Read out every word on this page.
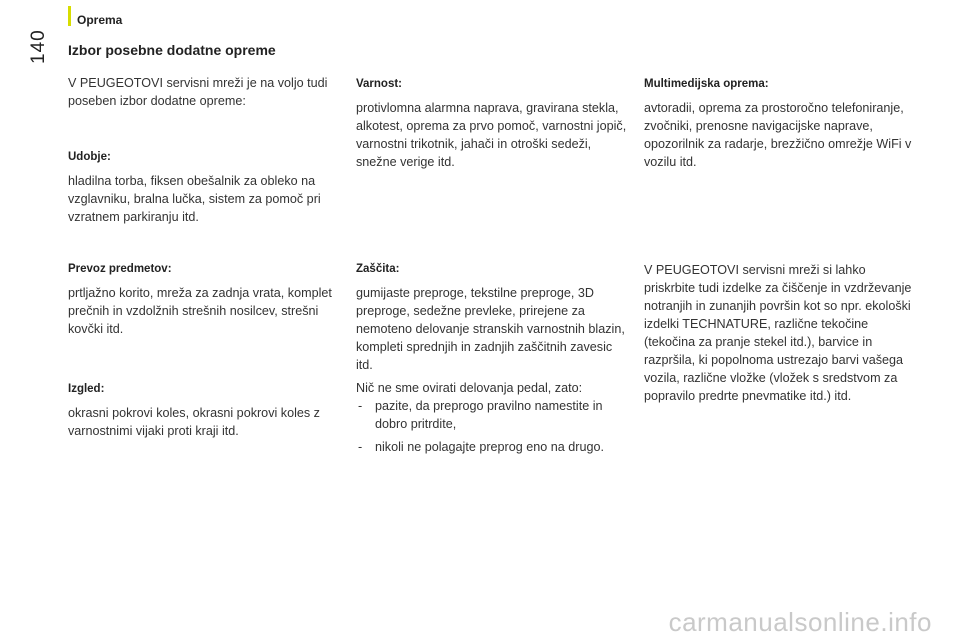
Oprema
140 Izbor posebne dodatne opreme

V PEUGEOTOVI servisni mreži je na voljo tudi poseben izbor dodatne opreme:

Udobje:

hladilna torba, fiksen obešalnik za obleko na vzglavniku, bralna lučka, sistem za pomoč pri vzratnem parkiranju itd.

Prevoz predmetov:

prtljažno korito, mreža za zadnja vrata, komplet prečnih in vzdolžnih strešnih nosilcev, strešni kovčki itd.

Izgled:

okrasni pokrovi koles, okrasni pokrovi koles z varnostnimi vijaki proti kraji itd.

Varnost:

protivlomna alarmna naprava, gravirana stekla, alkotest, oprema za prvo pomoč, varnostni jopič, varnostni trikotnik, jahači in otroški sedeži, snežne verige itd.

Zaščita:

gumijaste preproge, tekstilne preproge, 3D preproge, sedežne prevleke, prirejene za nemoteno delovanje stranskih varnostnih blazin, kompleti sprednjih in zadnjih zaščitnih zavesic itd.

Nič ne sme ovirati delovanja pedal, zato:

- pazite, da preprogo pravilno namestite in dobro pritrdite,
- nikoli ne polagajte preprog eno na drugo.
Multimedijska oprema:

avtoradii, oprema za prostoročno telefoniranje, zvočniki, prenosne navigacijske naprave, opozorilnik za radarje, brezžično omrežje WiFi v vozilu itd.

V PEUGEOTOVI servisni mreži si lahko priskrbite tudi izdelke za čiščenje in vzdrževanje notranjih in zunanjih površin kot so npr. ekološki izdelki TECHNATURE, različne tekočine (tekočina za pranje stekel itd.), barvice in razpršila, ki popolnoma ustrezajo barvi vašega vozila, različne vložke (vložek s sredstvom za popravilo predrte pnevmatike itd.) itd.

carmanualsonline.info
